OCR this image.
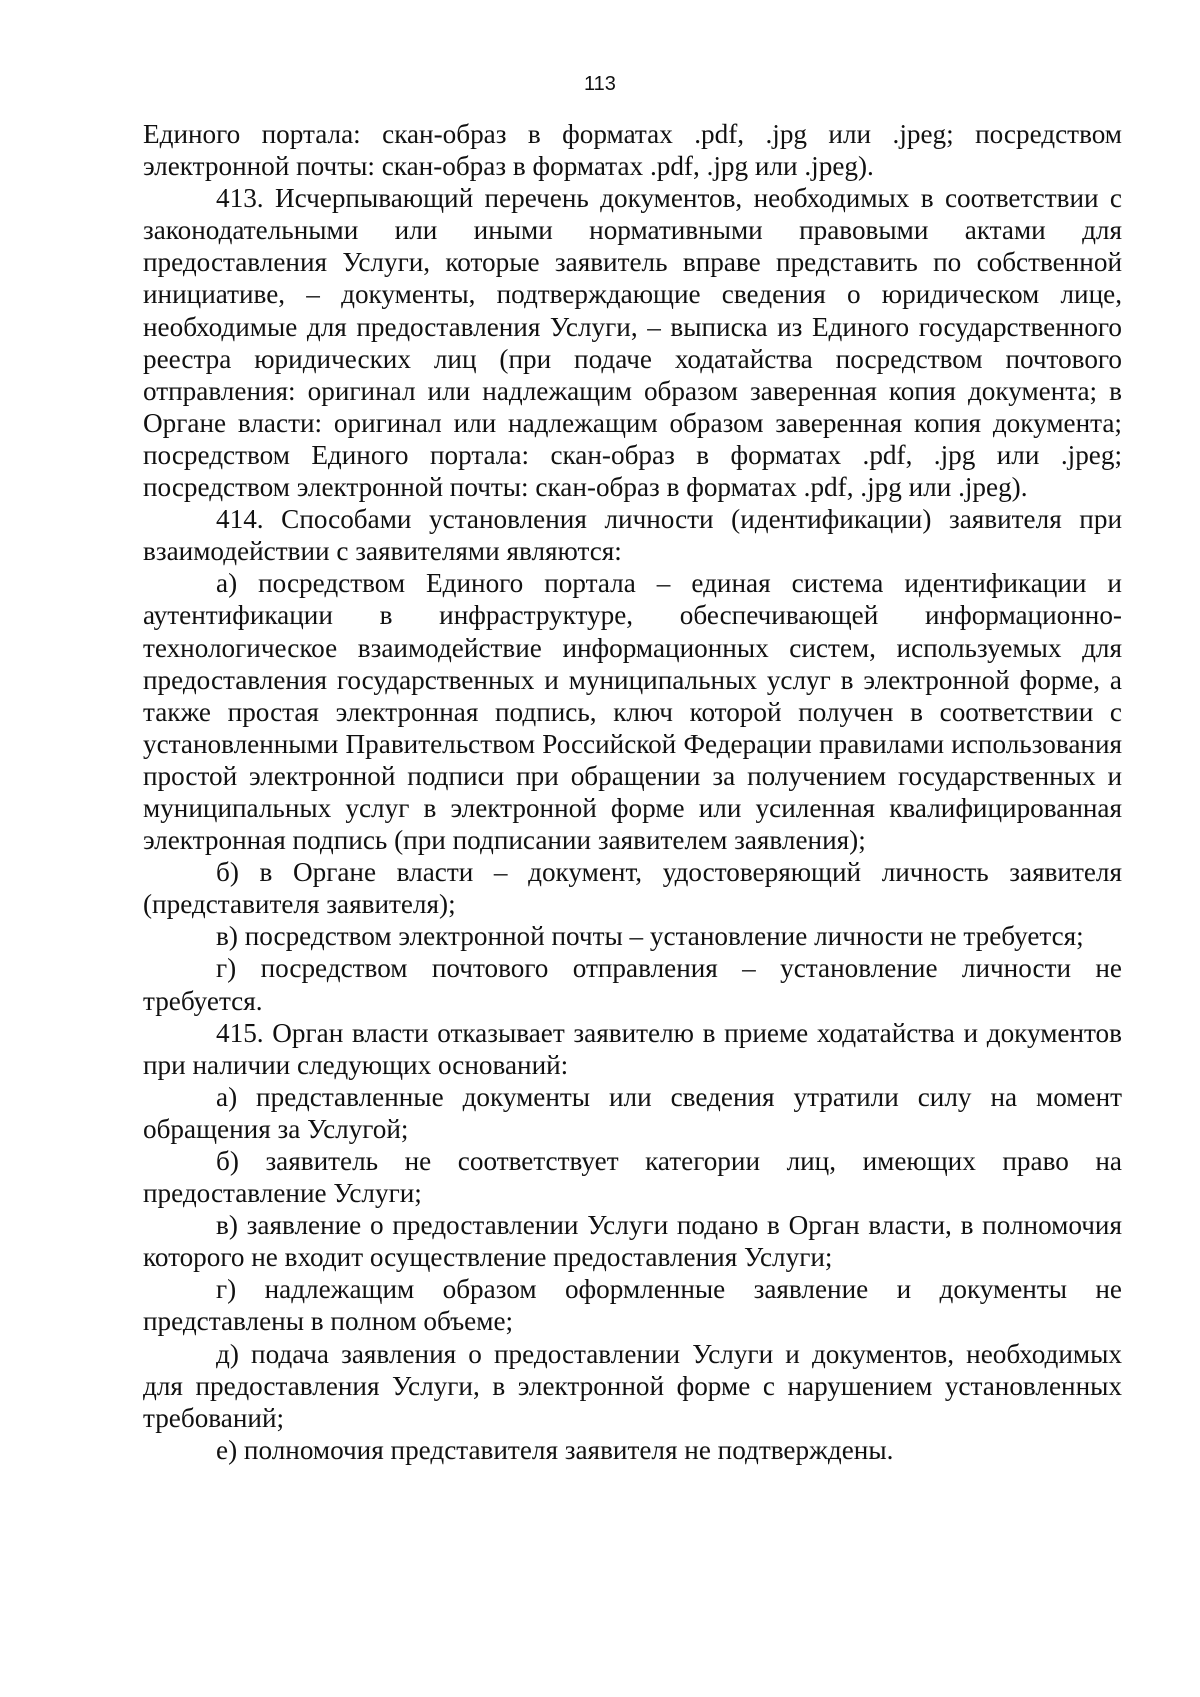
113

Единого портала: скан-образ в форматах .pdf, .jpg или .jpeg; посредством электронной почты: скан-образ в форматах .pdf, .jpg или .jpeg).

413. Исчерпывающий перечень документов, необходимых в соответствии с законодательными или иными нормативными правовыми актами для предоставления Услуги, которые заявитель вправе представить по собственной инициативе, – документы, подтверждающие сведения о юридическом лице, необходимые для предоставления Услуги, – выписка из Единого государственного реестра юридических лиц (при подаче ходатайства посредством почтового отправления: оригинал или надлежащим образом заверенная копия документа; в Органе власти: оригинал или надлежащим образом заверенная копия документа; посредством Единого портала: скан-образ в форматах .pdf, .jpg или .jpeg; посредством электронной почты: скан-образ в форматах .pdf, .jpg или .jpeg).

414. Способами установления личности (идентификации) заявителя при взаимодействии с заявителями являются:

а) посредством Единого портала – единая система идентификации и аутентификации в инфраструктуре, обеспечивающей информационно-технологическое взаимодействие информационных систем, используемых для предоставления государственных и муниципальных услуг в электронной форме, а также простая электронная подпись, ключ которой получен в соответствии с установленными Правительством Российской Федерации правилами использования простой электронной подписи при обращении за получением государственных и муниципальных услуг в электронной форме или усиленная квалифицированная электронная подпись (при подписании заявителем заявления);

б) в Органе власти – документ, удостоверяющий личность заявителя (представителя заявителя);

в) посредством электронной почты – установление личности не требуется;

г) посредством почтового отправления – установление личности не требуется.

415. Орган власти отказывает заявителю в приеме ходатайства и документов при наличии следующих оснований:

а) представленные документы или сведения утратили силу на момент обращения за Услугой;

б) заявитель не соответствует категории лиц, имеющих право на предоставление Услуги;

в) заявление о предоставлении Услуги подано в Орган власти, в полномочия которого не входит осуществление предоставления Услуги;

г) надлежащим образом оформленные заявление и документы не представлены в полном объеме;

д) подача заявления о предоставлении Услуги и документов, необходимых для предоставления Услуги, в электронной форме с нарушением установленных требований;

е) полномочия представителя заявителя не подтверждены.
